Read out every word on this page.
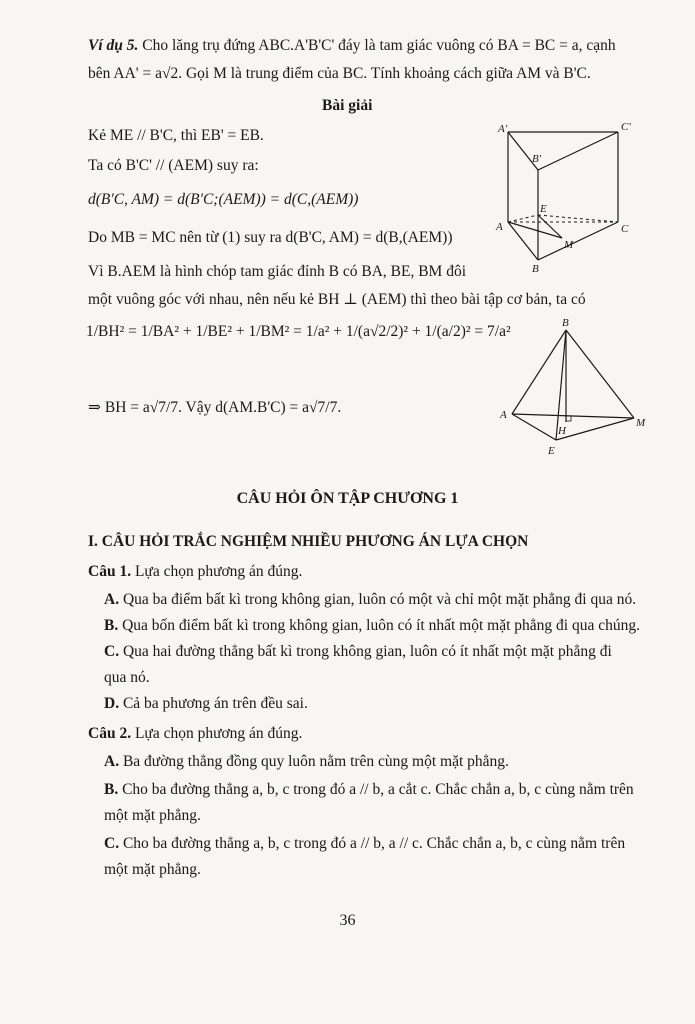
Ví dụ 5. Cho lăng trụ đứng ABC.A'B'C' đáy là tam giác vuông có BA = BC = a, cạnh
bên AA' = a√2. Gọi M là trung điểm của BC. Tính khoảng cách giữa AM và B'C.
Bài giải
Kẻ ME // B'C, thì EB' = EB.
Ta có B'C' // (AEM) suy ra:
d(B'C, AM) = d(B'C;(AEM)) = d(C,(AEM))
Do MB = MC nên từ (1) suy ra d(B'C, AM) = d(B,(AEM))
Vì B.AEM là hình chóp tam giác đỉnh B có BA, BE, BM đôi
một vuông góc với nhau, nên nếu kẻ BH ⊥ (AEM) thì theo bài tập cơ bản, ta có
1/BH² = 1/BA² + 1/BE² + 1/BM² = 1/a² + 1/(a√2/2)² + 1/(a/2)² = 7/a²
⇒ BH = a√7/7. Vậy d(AM.B'C) = a√7/7.
A'	C'
B'
E
A	C
M
B
B
A
H
M
E
CÂU HỎI ÔN TẬP CHƯƠNG 1
I. CÂU HỎI TRẮC NGHIỆM NHIỀU PHƯƠNG ÁN LỰA CHỌN
Câu 1. Lựa chọn phương án đúng.
A. Qua ba điểm bất kì trong không gian, luôn có một và chỉ một mặt phẳng đi qua nó.
B. Qua bốn điểm bất kì trong không gian, luôn có ít nhất một mặt phẳng đi qua chúng.
C. Qua hai đường thẳng bất kì trong không gian, luôn có ít nhất một mặt phẳng đi
qua nó.
D. Cả ba phương án trên đều sai.
Câu 2. Lựa chọn phương án đúng.
A. Ba đường thẳng đồng quy luôn nằm trên cùng một mặt phẳng.
B. Cho ba đường thẳng a, b, c trong đó a // b, a cắt c. Chắc chắn a, b, c cùng nằm trên
một mặt phẳng.
C. Cho ba đường thẳng a, b, c trong đó a // b, a // c. Chắc chắn a, b, c cùng nằm trên
một mặt phẳng.
36
